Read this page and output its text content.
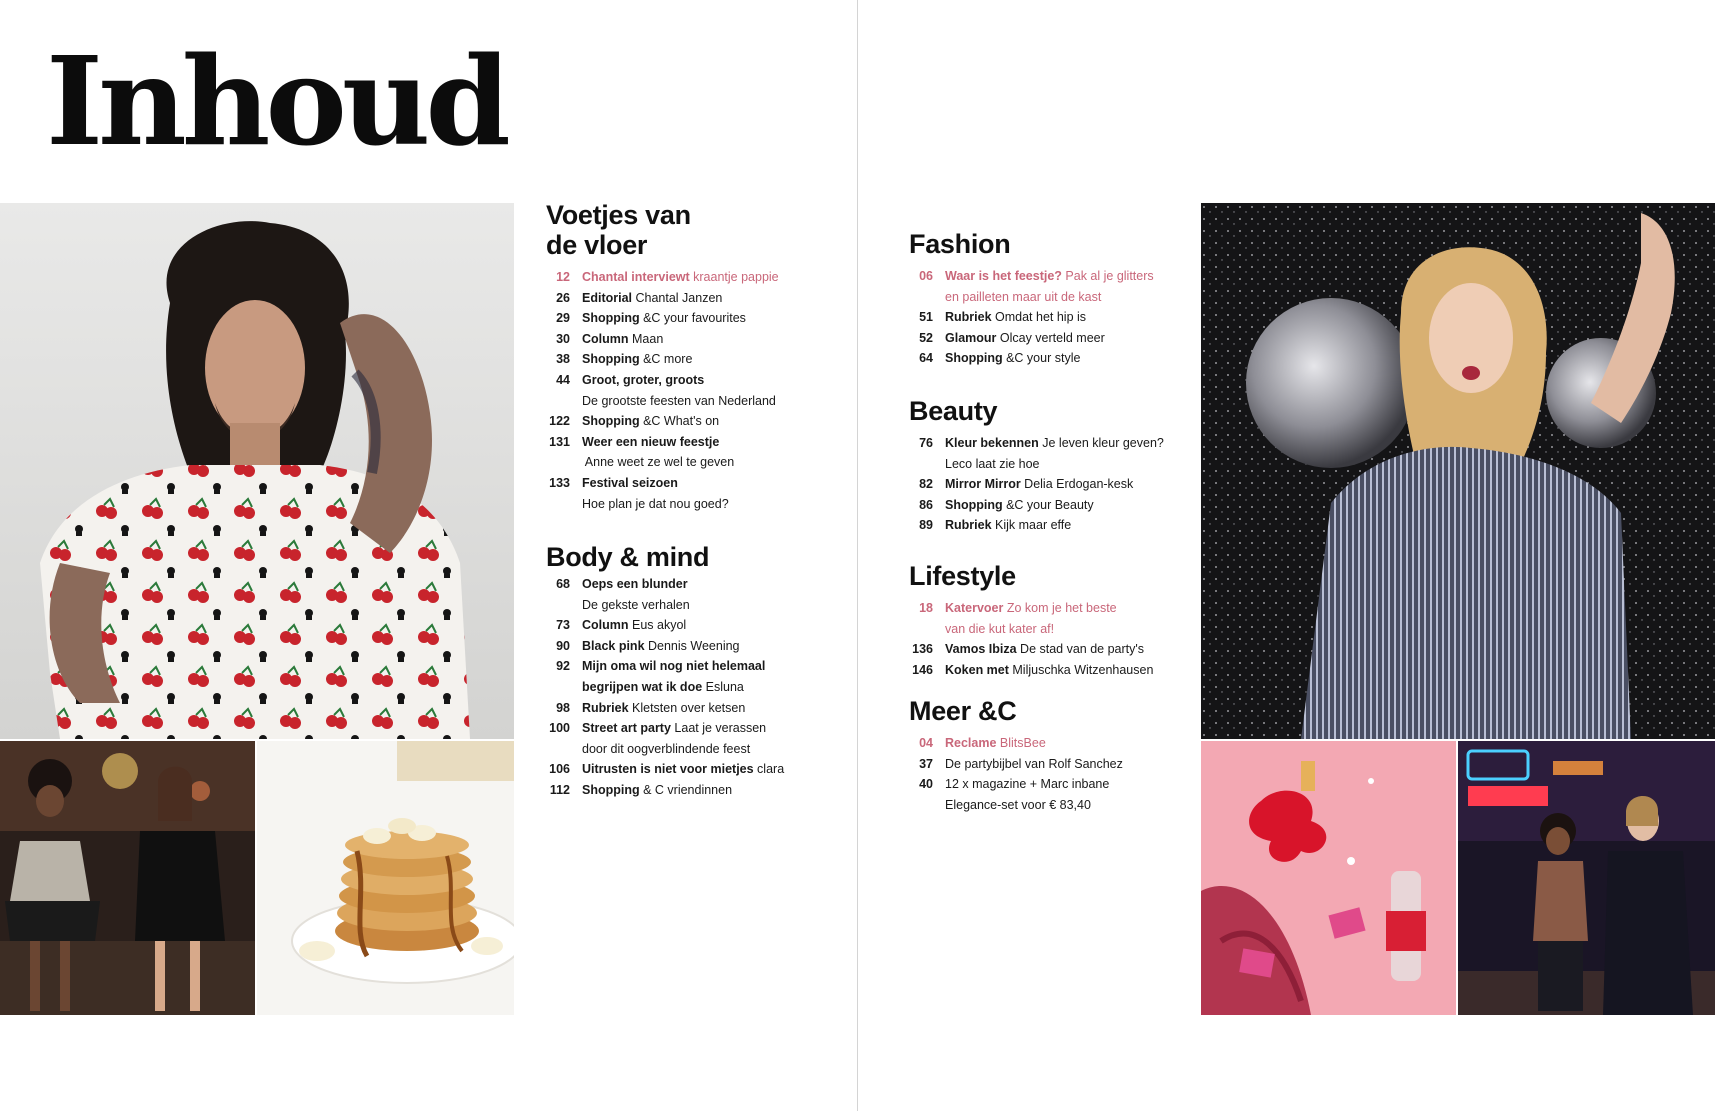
Inhoud
Voetjes van
de vloer
12 Chantal interviewt kraantje pappie
26 Editorial Chantal Janzen
29 Shopping &C your favourites
30 Column Maan
38 Shopping &C more
44 Groot, groter, groots
De grootste feesten van Nederland
122 Shopping &C What's on
131 Weer een nieuw feestje
Anne weet ze wel te geven
133 Festival seizoen
Hoe plan je dat nou goed?
Body & mind
68 Oeps een blunder
De gekste verhalen
73 Column Eus akyol
90 Black pink Dennis Weening
92 Mijn oma wil nog niet helemaal
begrijpen wat ik doe Esluna
98 Rubriek Kletsten over ketsen
100 Street art party Laat je verassen
door dit oogverblindende feest
106 Uitrusten is niet voor mietjes clara
112 Shopping & C vriendinnen
Fashion
06 Waar is het feestje? Pak al je glitters
en pailleten maar uit de kast
51 Rubriek Omdat het hip is
52 Glamour Olcay verteld meer
64 Shopping &C your style
Beauty
76 Kleur bekennen Je leven kleur geven?
Leco laat zie hoe
82 Mirror Mirror Delia Erdogan-kesk
86 Shopping &C your Beauty
89 Rubriek Kijk maar effe
Lifestyle
18 Katervoer Zo kom je het beste
van die kut kater af!
136 Vamos Ibiza De stad van de party's
146 Koken met Miljuschka Witzenhausen
Meer &C
04 Reclame BlitsBee
37 De partybijbel van Rolf Sanchez
40 12 x magazine + Marc inbane
Elegance-set voor € 83,40
